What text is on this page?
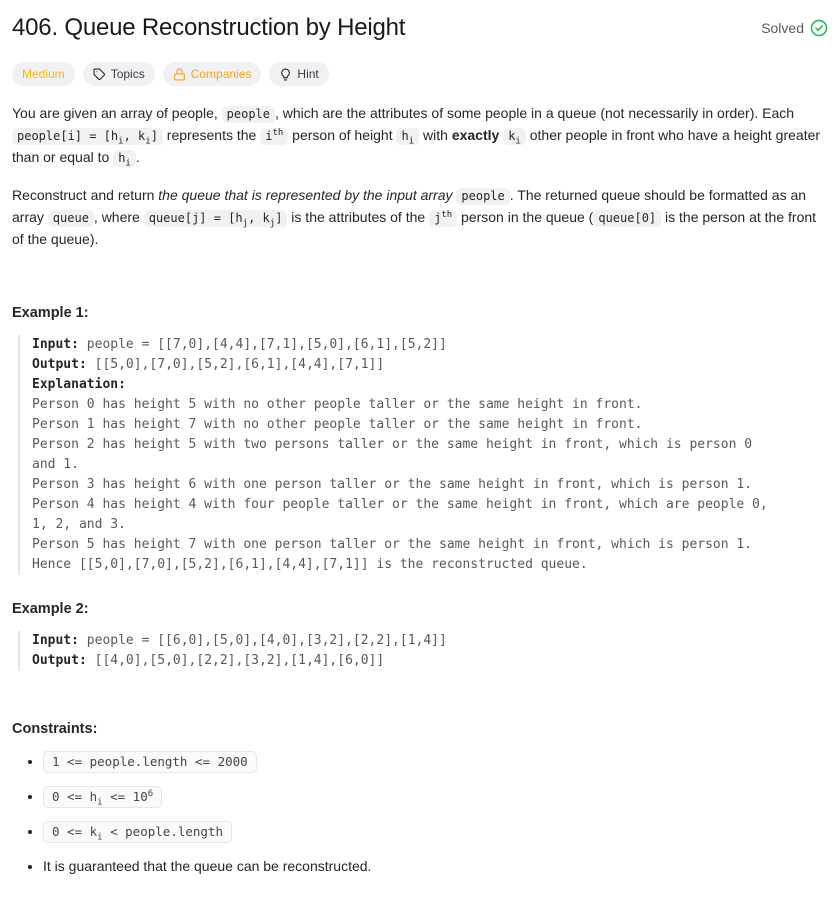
406. Queue Reconstruction by Height	Solved
Medium	Topics	Companies	Hint

You are given an array of people, people , which are the attributes of some people in a queue (not necessarily in order). Each people[i] = [$h_i$, $k_i$] represents the $i^{th}$ person of height $h_i$ with exactly $k_i$ other people in front who have a height greater than or equal to $h_i$ .

Reconstruct and return the queue that is represented by the input array people . The returned queue should be formatted as an array queue , where queue[j] = [$h_j$, $k_j$] is the attributes of the $j^{th}$ person in the queue ( queue[0] is the person at the front of the queue).

Example 1:

Input: people = [[7,0],[4,4],[7,1],[5,0],[6,1],[5,2]]
Output: [[5,0],[7,0],[5,2],[6,1],[4,4],[7,1]]
Explanation:
Person 0 has height 5 with no other people taller or the same height in front.
Person 1 has height 7 with no other people taller or the same height in front.
Person 2 has height 5 with two persons taller or the same height in front, which is person 0 and 1.
Person 3 has height 6 with one person taller or the same height in front, which is person 1.
Person 4 has height 4 with four people taller or the same height in front, which are people 0, 1, 2, and 3.
Person 5 has height 7 with one person taller or the same height in front, which is person 1.
Hence [[5,0],[7,0],[5,2],[6,1],[4,4],[7,1]] is the reconstructed queue.

Example 2:

Input: people = [[6,0],[5,0],[4,0],[3,2],[2,2],[1,4]]
Output: [[4,0],[5,0],[2,2],[3,2],[1,4],[6,0]]

Constraints:

• 1 <= people.length <= 2000
• $0 <= h_i <= 10^6$
• $0 <= k_i$ < people.length
• It is guaranteed that the queue can be reconstructed.
